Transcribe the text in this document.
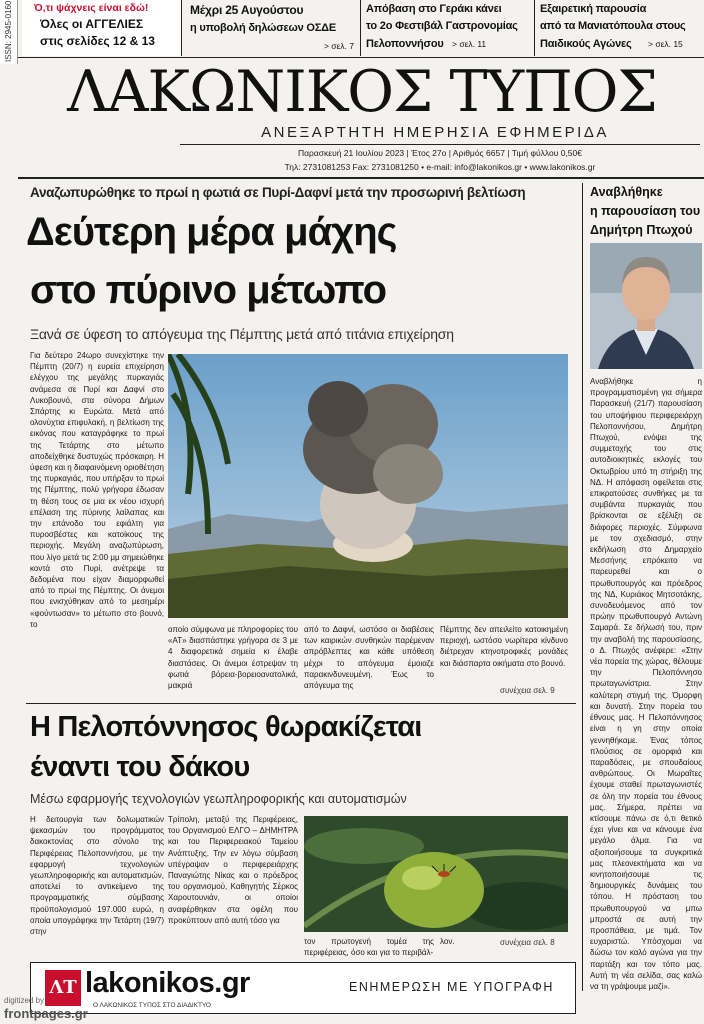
ISSN: 2945-0160 Ό,τι ψάχνεις είναι εδώ!
Όλες οι ΑΓΓΕΛΙΕΣ
στις σελίδες 12 & 13
Μέχρι 25 Αυγούστου
η υποβολή δηλώσεων ΟΣΔΕ
> σελ. 7
Απόβαση στο Γεράκι κάνει
το 2ο Φεστιβάλ Γαστρονομίας
Πελοποννήσου > σελ. 11
Εξαιρετική παρουσία
από τα Μανιατόπουλα στους
Παιδικούς Αγώνες > σελ. 15
ΛΑΚΩΝΙΚΟΣ ΤΥΠΟΣ
ΑΝΕΞΑΡΤΗΤΗ ΗΜΕΡΗΣΙΑ ΕΦΗΜΕΡΙΔΑ
Παρασκευή 21 Ιουλίου 2023 | Έτος 27ο | Αριθμός 6657 | Τιμή φύλλου 0,50€
Τηλ: 2731081253 Fax: 2731081250 • e-mail: info@lakonikos.gr • www.lakonikos.gr
Αναζωπυρώθηκε το πρωί η φωτιά σε Πυρί-Δαφνί μετά την προσωρινή βελτίωση
Δεύτερη μέρα μάχης
στο πύρινο μέτωπο
Ξανά σε ύφεση το απόγευμα της Πέμπτης μετά από τιτάνια επιχείρηση
Για δεύτερο 24ωρο συνεχίστηκε την Πέμπτη (20/7) η ευρεία επιχείρηση ελέγχου της μεγάλης πυρκαγιάς ανάμεσα σε Πυρί και Δαφνί στο Λυκοβουνό, στα σύνορα Δήμων Σπάρτης κι Ευρώτα. Μετά από ολονύχτια επιφυλακή, η βελτίωση της εικόνας που καταγράφηκε το πρωί της Τετάρτης στο μέτωπο αποδείχθηκε δυστυχώς πρόσκαιρη. Η ύφεση και η διαφαινόμενη οριοθέτηση της πυρκαγιάς, που υπήρξαν το πρωί της Πέμπτης, πολύ γρήγορα έδωσαν τη θέση τους σε μια εκ νέου ισχυρή επέλαση της πύρινης λαίλαπας και την επάνοδο του εφιάλτη για πυροσβέστες και κατοίκους της περιοχής. Μεγάλη αναζωπύρωση, που λίγο μετά τις 2:00 μμ σημειώθηκε κοντά στο Πυρί, ανέτρεψε τα δεδομένα που είχαν διαμορφωθεί από το πρωί της Πέμπτης. Οι άνεμοι που ενισχύθηκαν από το μεσημέρι «φούντωσαν» το μέτωπο στο βουνό, το
οποίο σύμφωνα με πληροφορίες του «ΑΤ» διασπάστηκε γρήγορα σε 3 με 4 διαφορετικά σημεία κι έλαβε διαστάσεις. Οι άνεμοι έστρεψαν τη φωτιά βόρεια-βορειοανατολικά, μακριά
από το Δαφνί, ωστόσο οι διαβέσεις των καιρικών συνθηκών παρέμεναν απρόβλεπτες και κάθε υπόθεση μέχρι το απόγευμα έμοιαζε παρακινδυνευμένη. Έως το απόγευμα της
Πέμπτης δεν απειλείτο κατοικημένη περιοχή, ωστόσο νωρίτερα κίνδυνο διέτρεχαν κτηνοτροφικές μονάδες και διάσπαρτα οικήματα στο βουνό.
συνέχεια σελ. 9
Αναβλήθηκε
η παρουσίαση του
Δημήτρη Πτωχού
Αναβλήθηκε η προγραμματισμένη για σήμερα Παρασκευή (21/7) παρουσίαση του υποψήφιου περιφερειάρχη Πελοποννήσου, Δημήτρη Πτωχού, ενόψει της συμμετοχής του στις αυτοδιοικητικές εκλογές του Οκτωβρίου υπό τη στήριξη της ΝΔ. Η απόφαση οφείλεται στις επικρατούσες συνθήκες με τα συμβάντα πυρκαγιάς που βρίσκονται σε εξέλιξη σε διάφορες περιοχές. Σύμφωνα με τον σχεδιασμό, στην εκδήλωση στο Δημαρχείο Μεσσήνης επρόκειτο να παρευρεθεί και ο πρωθυπουργός και πρόεδρος της ΝΔ, Κυριάκος Μητσοτάκης, συνοδευόμενος από τον πρώην πρωθυπουργό Αντώνη Σαμαρά. Σε δήλωσή του, πριν την αναβολή της παρουσίασης, ο Δ. Πτωχός ανέφερε: «Στην νέα πορεία της χώρας, θέλουμε την Πελοπόννησο πρωταγωνίστρια. Στην καλύτερη στιγμή της. Όμορφη και δυνατή. Στην πορεία του έθνους μας. Η Πελοπόννησος είναι η γη στην οποία γεννηθήκαμε. Ένας τόπος πλούσιος σε ομορφιά και παραδόσεις, με σπουδαίους ανθρώπους. Οι Μωραΐτες έχουμε σταθεί πρωταγωνιστές σε όλη την πορεία του έθνους μας. Σήμερα, πρέπει να κτίσουμε πάνω σε ό,τι θετικό έχει γίνει και να κάνουμε ένα μεγάλο άλμα. Για να αξιοποιήσουμε τα συγκριτικά μας πλεονεκτήματα και να κινητοποιήσουμε τις δημιουργικές δυνάμεις του τόπου. Η πρόσταση του πρωθυπουργού να μπω μπροστά σε αυτή την προσπάθεια, με τιμά. Τον ευχαριστώ. Υπόσχομαι να δώσω τον καλό αγώνα για την παρτάξη και τον τόπο μας. Αυτή τη νέα σελίδα, σας καλώ να τη γράψουμε μαζί».
Η Πελοπόννησος θωρακίζεται
έναντι του δάκου
Μέσω εφαρμογής τεχνολογιών γεωπληροφορικής και αυτοματισμών
Η δειτουργία των δολωματικών ψεκασμών του προγράμματος δακοκτονίας στο σύνολο της Περιφέρειας Πελοποννήσου, με την εφαρμογή τεχνολογιών γεωπληροφορικής και αυτοματισμών, αποτελεί το αντικείμενο της προγραμματικής σύμβασης προϋπολογισμού 197.000 ευρώ, η οποία υπογράφηκε την Τετάρτη (19/7) στην
Τρίπολη, μεταξύ της Περιφέρειας, του Οργανισμού ΕΛΓΟ – ΔΗΜΗΤΡΑ και του Περιφερειακού Ταμείου Ανάπτυξης. Την εν λόγω σύμβαση υπέγραψαν ο περιφερειάρχης Παναγιώτης Νίκας και ο πρόεδρος του οργανισμού, Καθηγητής Σέρκος Χαρουτουνιάν, οι οποίοι αναφέρθηκαν στα οφέλη που προκύπτουν από αυτή τόσο για
τον πρωτογενή τομέα της περιφέρειας, όσο και για το περιβάλ-
λον.	συνέχεια σελ. 8
ΛΤ lakonikos.gr
Ο ΛΑΚΩΝΙΚΟΣ ΤΥΠΟΣ ΣΤΟ ΔΙΑΔΙΚΤΥΟ
ΕΝΗΜΕΡΩΣΗ ΜΕ ΥΠΟΓΡΑΦΗ
digitized by
frontpages.gr
